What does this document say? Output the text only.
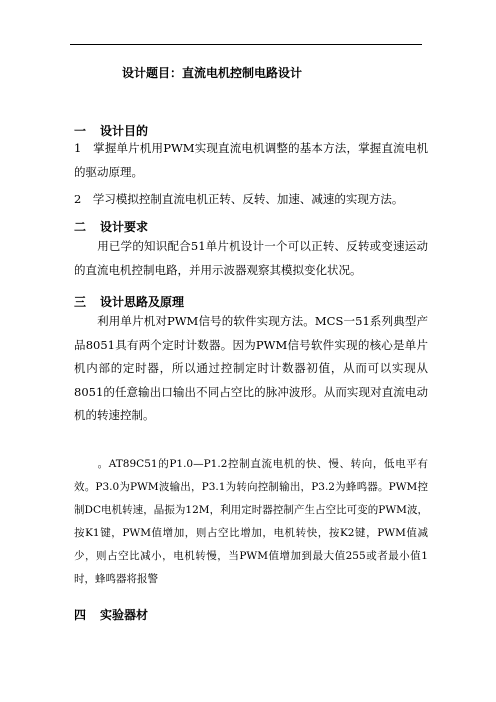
设计题目：直流电机控制电路设计
一 设计目的
1　掌握单片机用PWM实现直流电机调整的基本方法，掌握直流电机的驱动原理。
2　学习模拟控制直流电机正转、反转、加速、减速的实现方法。
二 设计要求
用已学的知识配合51单片机设计一个可以正转、反转或变速运动的直流电机控制电路，并用示波器观察其模拟变化状况。
三 设计思路及原理
利用单片机对PWM信号的软件实现方法。MCS一51系列典型产品8051具有两个定时计数器。因为PWM信号软件实现的核心是单片机内部的定时器，所以通过控制定时计数器初值，从而可以实现从8051的任意输出口输出不同占空比的脉冲波形。从而实现对直流电动机的转速控制。
。AT89C51的P1.0—P1.2控制直流电机的快、慢、转向，低电平有效。P3.0为PWM波输出，P3.1为转向控制输出，P3.2为蜂鸣器。PWM控制DC电机转速，晶振为12M，利用定时器控制产生占空比可变的PWM波，按K1键，PWM值增加，则占空比增加，电机转快，按K2键，PWM值减少，则占空比减小，电机转慢，当PWM值增加到最大值255或者最小值1时，蜂鸣器将报警
四 实验器材
